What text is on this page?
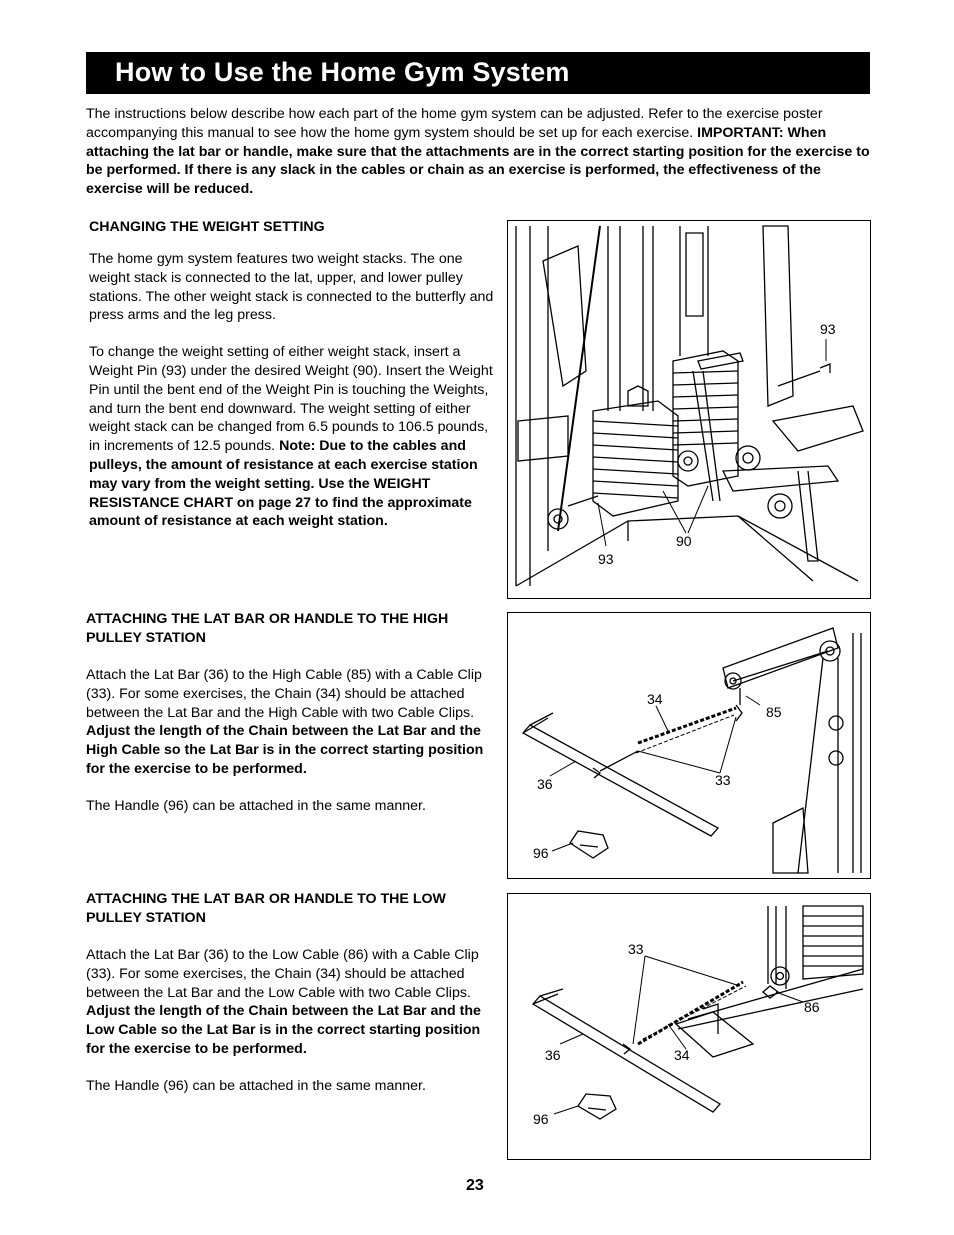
How to Use the Home Gym System

The instructions below describe how each part of the home gym system can be adjusted. Refer to the exercise poster accompanying this manual to see how the home gym system should be set up for each exercise. IMPORTANT: When attaching the lat bar or handle, make sure that the attachments are in the correct starting position for the exercise to be performed. If there is any slack in the cables or chain as an exercise is performed, the effectiveness of the exercise will be reduced.

CHANGING THE WEIGHT SETTING

The home gym system features two weight stacks. The one weight stack is connected to the lat, upper, and lower pulley stations. The other weight stack is connected to the butterfly and press arms and the leg press.

To change the weight setting of either weight stack, insert a Weight Pin (93) under the desired Weight (90). Insert the Weight Pin until the bent end of the Weight Pin is touching the Weights, and turn the bent end downward. The weight setting of either weight stack can be changed from 6.5 pounds to 106.5 pounds, in increments of 12.5 pounds. Note: Due to the cables and pulleys, the amount of resistance at each exercise station may vary from the weight setting. Use the WEIGHT RESISTANCE CHART on page 27 to find the approximate amount of resistance at each weight station.

93
93
90
ATTACHING THE LAT BAR OR HANDLE TO THE HIGH PULLEY STATION

Attach the Lat Bar (36) to the High Cable (85) with a Cable Clip (33). For some exercises, the Chain (34) should be attached between the Lat Bar and the High Cable with two Cable Clips. Adjust the length of the Chain between the Lat Bar and the High Cable so the Lat Bar is in the correct starting position for the exercise to be performed.

The Handle (96) can be attached in the same manner.

34
85
33
36
96
ATTACHING THE LAT BAR OR HANDLE TO THE LOW PULLEY STATION

Attach the Lat Bar (36) to the Low Cable (86) with a Cable Clip (33). For some exercises, the Chain (34) should be attached between the Lat Bar and the Low Cable with two Cable Clips. Adjust the length of the Chain between the Lat Bar and the Low Cable so the Lat Bar is in the correct starting position for the exercise to be performed.

The Handle (96) can be attached in the same manner.

33
86
36	34
96
23
